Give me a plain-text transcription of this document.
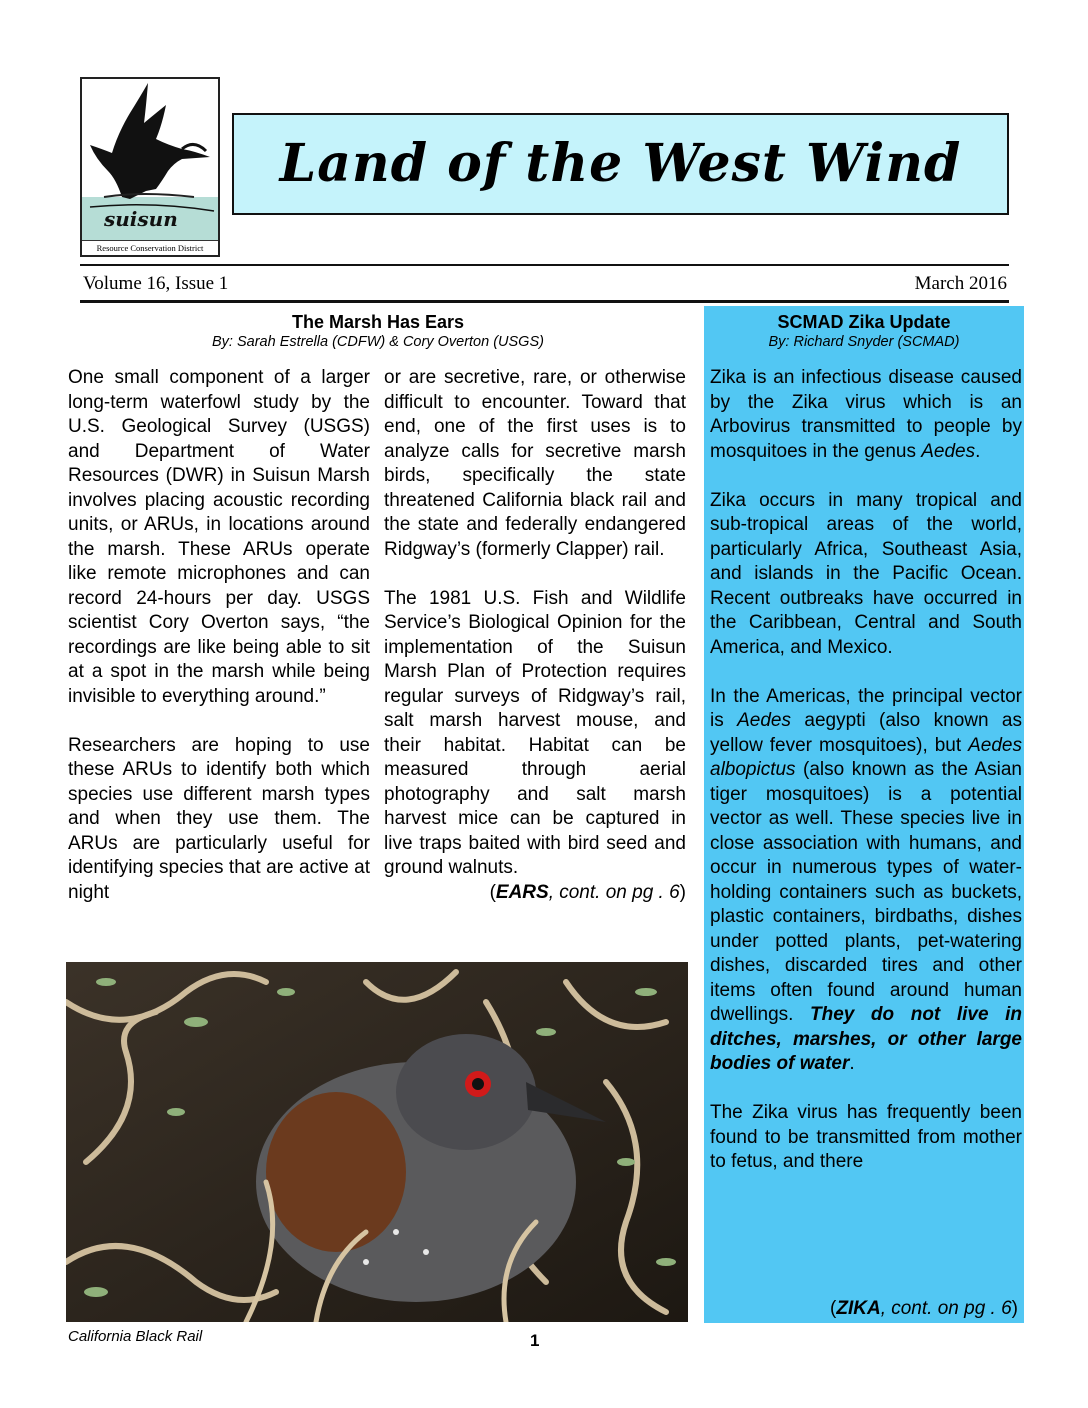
suisun
Resource Conservation District
Land of the West Wind
Volume 16, Issue 1	March 2016
The Marsh Has Ears
By: Sarah Estrella (CDFW) & Cory Overton (USGS)

One small component of a larger long-term waterfowl study by the U.S. Geological Survey (USGS) and Department of Water Resources (DWR) in Suisun Marsh involves placing acoustic recording units, or ARUs, in locations around the marsh. These ARUs operate like remote microphones and can record 24-hours per day. USGS scientist Cory Overton says, “the recordings are like being able to sit at a spot in the marsh while being invisible to everything around.”

Researchers are hoping to use these ARUs to identify both which species use different marsh types and when they use them. The ARUs are particularly useful for identifying species that are active at night

or are secretive, rare, or otherwise difficult to encounter. Toward that end, one of the first uses is to analyze calls for secretive marsh birds, specifically the state threatened California black rail and the state and federally endangered Ridgway’s (formerly Clapper) rail.

The 1981 U.S. Fish and Wildlife Service’s Biological Opinion for the implementation of the Suisun Marsh Plan of Protection requires regular surveys of Ridgway’s rail, salt marsh harvest mouse, and their habitat. Habitat can be measured through aerial photography and salt marsh harvest mice can be captured in live traps baited with bird seed and ground walnuts.

(EARS, cont. on pg . 6)
California Black Rail
SCMAD Zika Update
By: Richard Snyder (SCMAD)

Zika is an infectious disease caused by the Zika virus which is an Arbovirus transmitted to people by mosquitoes in the genus Aedes.

Zika occurs in many tropical and sub-tropical areas of the world, particularly Africa, Southeast Asia, and islands in the Pacific Ocean. Recent outbreaks have occurred in the Caribbean, Central and South America, and Mexico.

In the Americas, the principal vector is Aedes aegypti (also known as yellow fever mosquitoes), but Aedes albopictus (also known as the Asian tiger mosquitoes) is a potential vector as well. These species live in close association with humans, and occur in numerous types of water-holding containers such as buckets, plastic containers, birdbaths, dishes under potted plants, pet-watering dishes, discarded tires and other items often found around human dwellings. They do not live in ditches, marshes, or other large bodies of water.

The Zika virus has frequently been found to be transmitted from mother to fetus, and there

(ZIKA, cont. on pg . 6)
1
